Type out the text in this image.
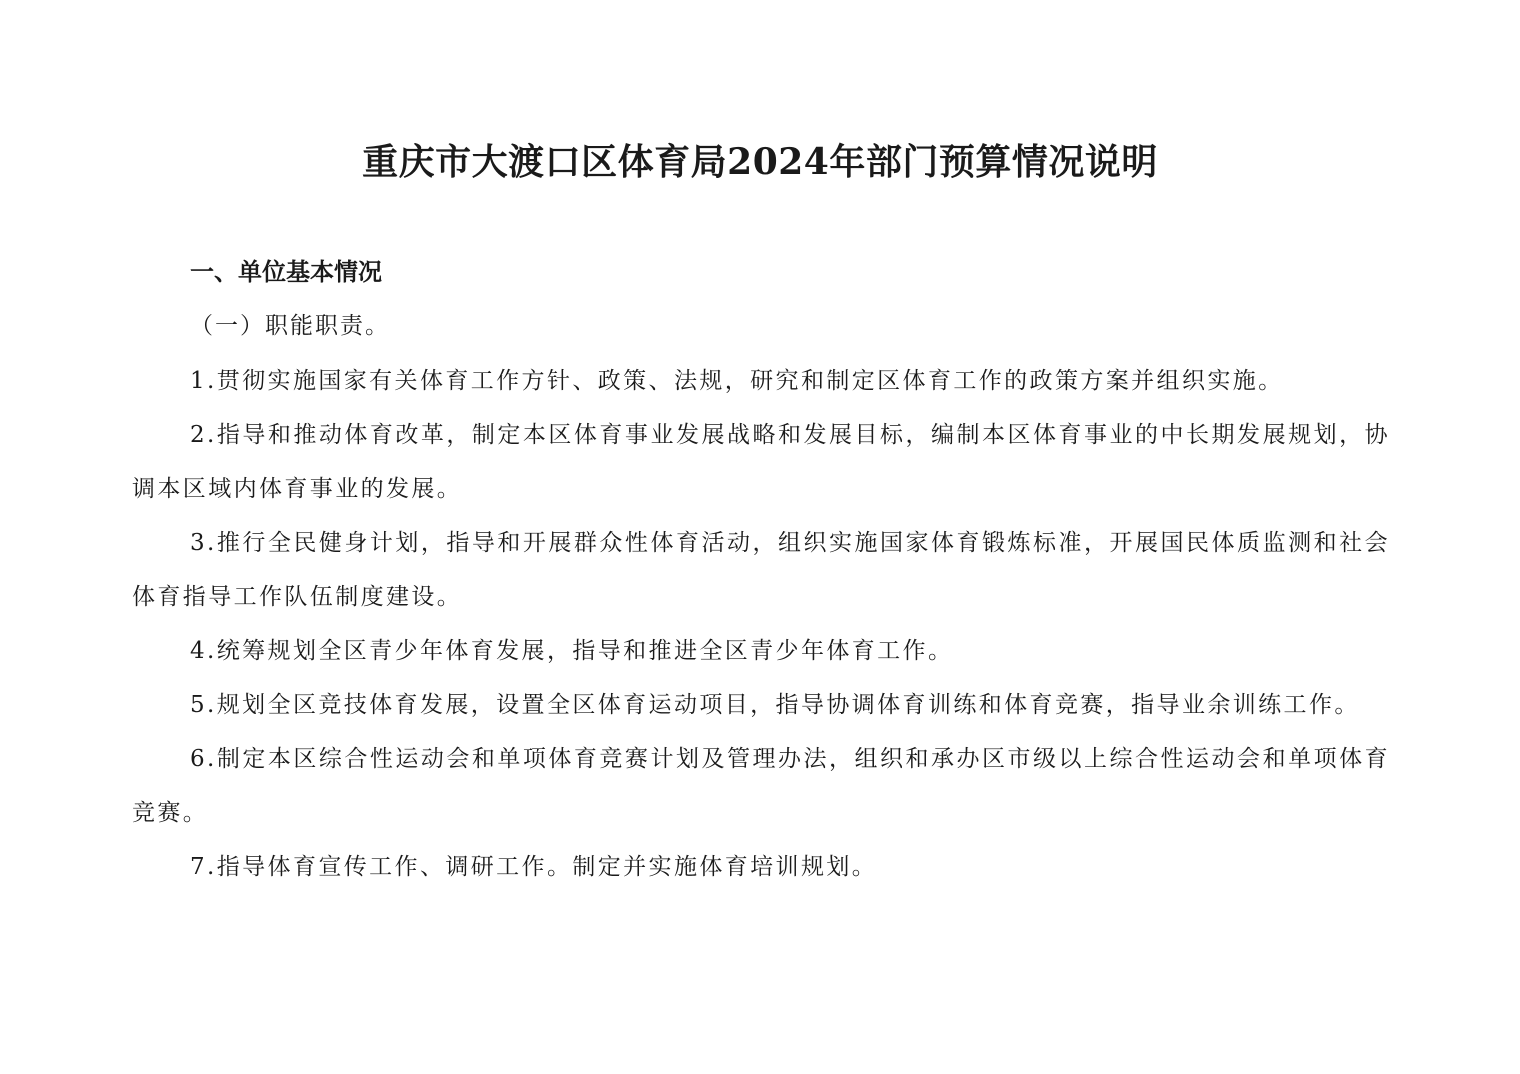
重庆市大渡口区体育局2024年部门预算情况说明
一、单位基本情况
（一）职能职责。

1.贯彻实施国家有关体育工作方针、政策、法规，研究和制定区体育工作的政策方案并组织实施。

2.指导和推动体育改革，制定本区体育事业发展战略和发展目标，编制本区体育事业的中长期发展规划，协调本区域内体育事业的发展。

3.推行全民健身计划，指导和开展群众性体育活动，组织实施国家体育锻炼标准，开展国民体质监测和社会体育指导工作队伍制度建设。

4.统筹规划全区青少年体育发展，指导和推进全区青少年体育工作。

5.规划全区竞技体育发展，设置全区体育运动项目，指导协调体育训练和体育竞赛，指导业余训练工作。

6.制定本区综合性运动会和单项体育竞赛计划及管理办法，组织和承办区市级以上综合性运动会和单项体育竞赛。

7.指导体育宣传工作、调研工作。制定并实施体育培训规划。
